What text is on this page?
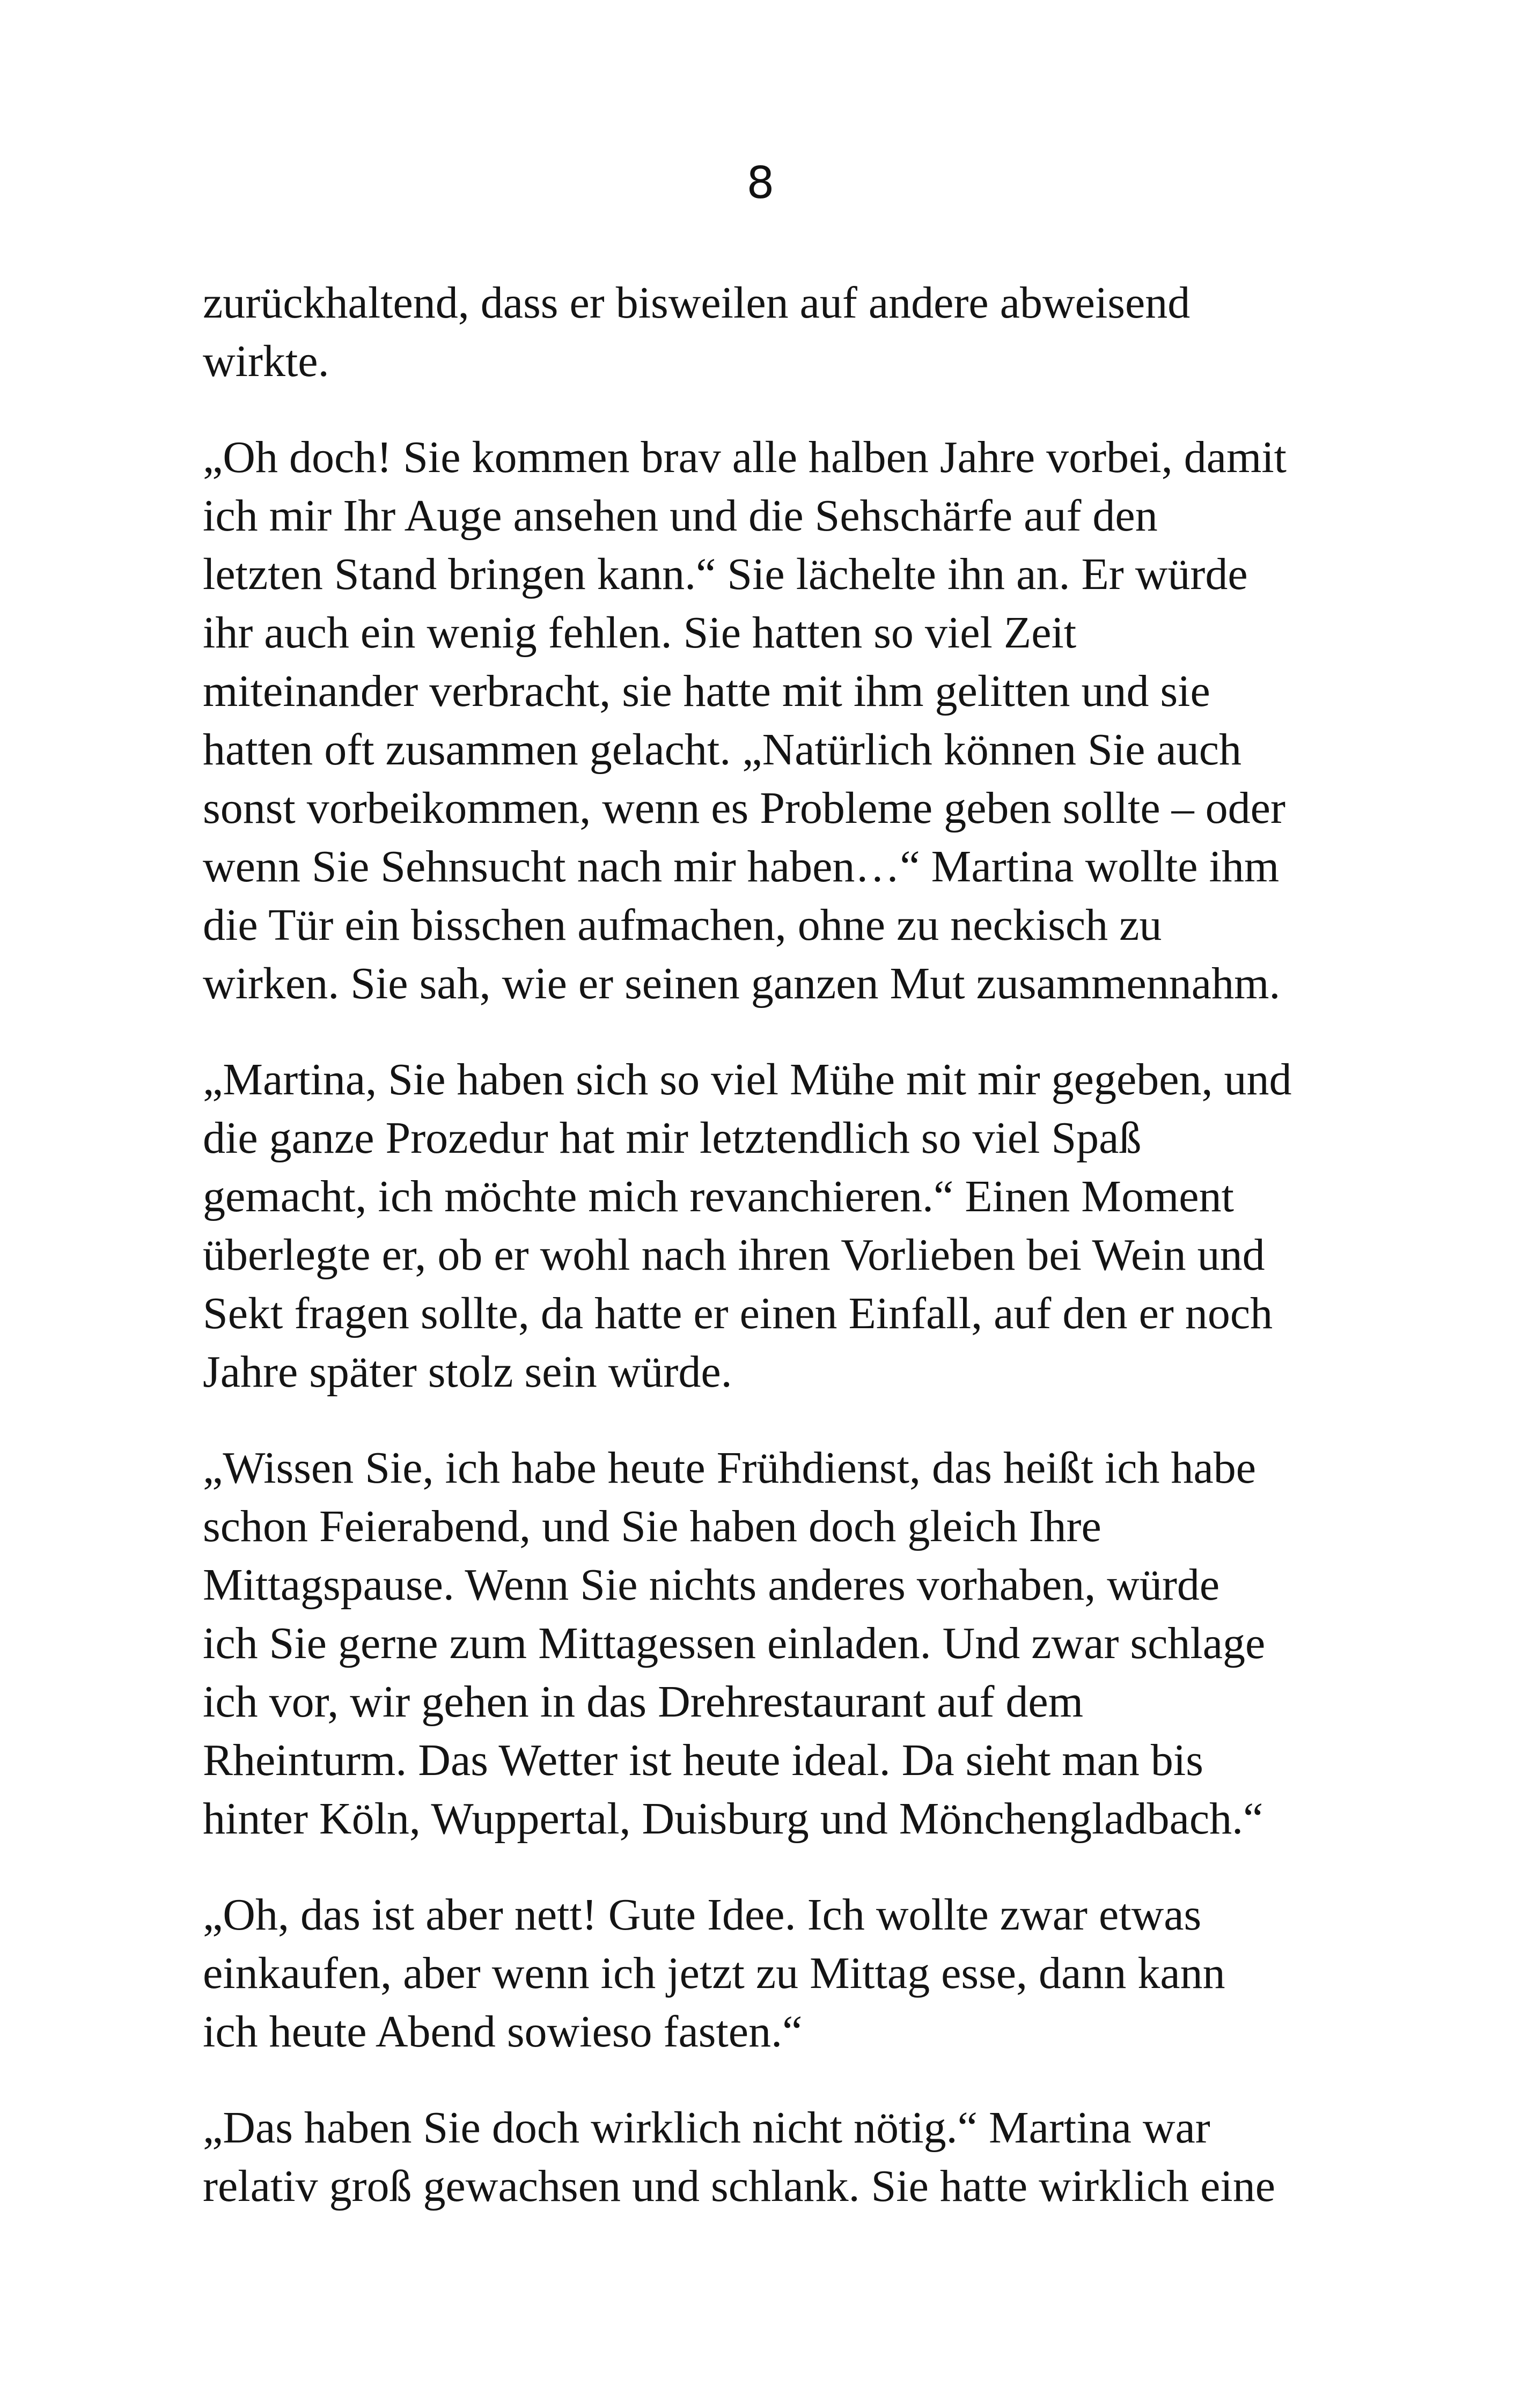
8
zurückhaltend, dass er bisweilen auf andere abweisend
wirkte.
„Oh doch! Sie kommen brav alle halben Jahre vorbei, damit
ich mir Ihr Auge ansehen und die Sehschärfe auf den
letzten Stand bringen kann.“ Sie lächelte ihn an. Er würde
ihr auch ein wenig fehlen. Sie hatten so viel Zeit
miteinander verbracht, sie hatte mit ihm gelitten und sie
hatten oft zusammen gelacht. „Natürlich können Sie auch
sonst vorbeikommen, wenn es Probleme geben sollte – oder
wenn Sie Sehnsucht nach mir haben…“ Martina wollte ihm
die Tür ein bisschen aufmachen, ohne zu neckisch zu
wirken. Sie sah, wie er seinen ganzen Mut zusammennahm.
„Martina, Sie haben sich so viel Mühe mit mir gegeben, und
die ganze Prozedur hat mir letztendlich so viel Spaß
gemacht, ich möchte mich revanchieren.“ Einen Moment
überlegte er, ob er wohl nach ihren Vorlieben bei Wein und
Sekt fragen sollte, da hatte er einen Einfall, auf den er noch
Jahre später stolz sein würde.
„Wissen Sie, ich habe heute Frühdienst, das heißt ich habe
schon Feierabend, und Sie haben doch gleich Ihre
Mittagspause. Wenn Sie nichts anderes vorhaben, würde
ich Sie gerne zum Mittagessen einladen. Und zwar schlage
ich vor, wir gehen in das Drehrestaurant auf dem
Rheinturm. Das Wetter ist heute ideal. Da sieht man bis
hinter Köln, Wuppertal, Duisburg und Mönchengladbach.“
„Oh, das ist aber nett! Gute Idee. Ich wollte zwar etwas
einkaufen, aber wenn ich jetzt zu Mittag esse, dann kann
ich heute Abend sowieso fasten.“
„Das haben Sie doch wirklich nicht nötig.“ Martina war
relativ groß gewachsen und schlank. Sie hatte wirklich eine
